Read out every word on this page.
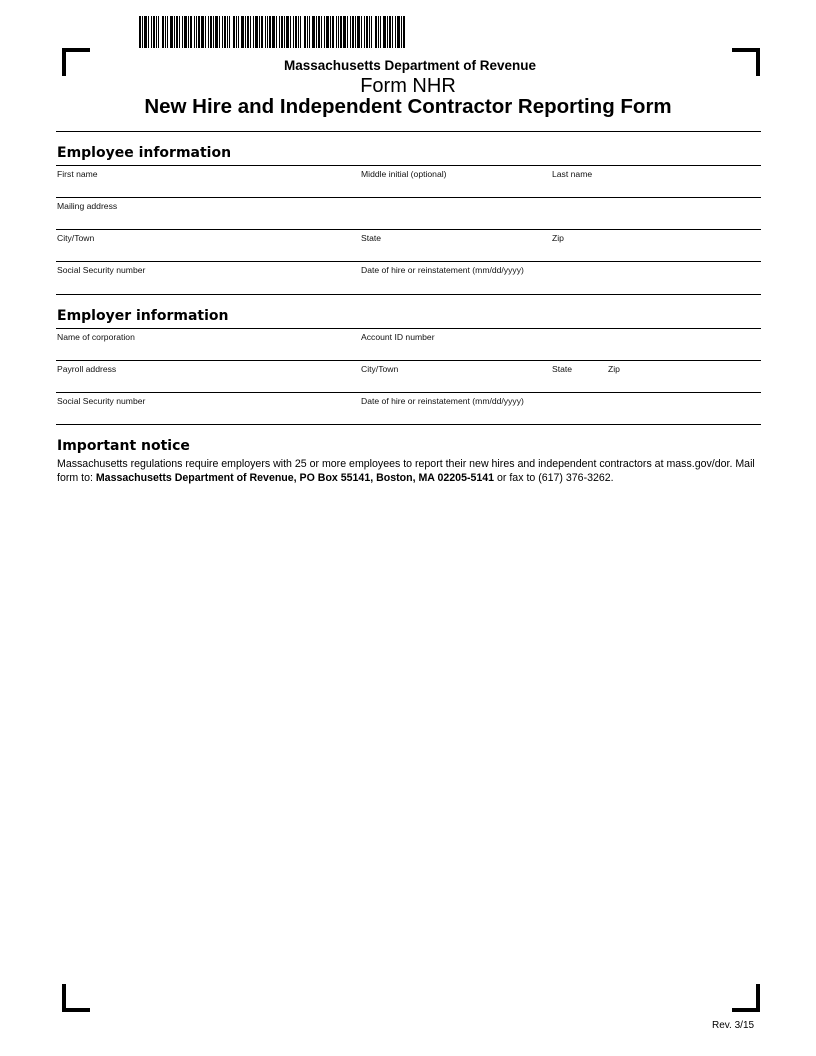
Massachusetts Department of Revenue
Form NHR
New Hire and Independent Contractor Reporting Form
Employee information
First name	Middle initial (optional)	Last name
Mailing address
City/Town	State	Zip
Social Security number	Date of hire or reinstatement (mm/dd/yyyy)
Employer information
Name of corporation	Account ID number
Payroll address	City/Town	State	Zip
Social Security number	Date of hire or reinstatement (mm/dd/yyyy)
Important notice
Massachusetts regulations require employers with 25 or more employees to report their new hires and independent contractors at mass.gov/dor. Mail form to: Massachusetts Department of Revenue, PO Box 55141, Boston, MA 02205-5141 or fax to (617) 376-3262.
Rev. 3/15
